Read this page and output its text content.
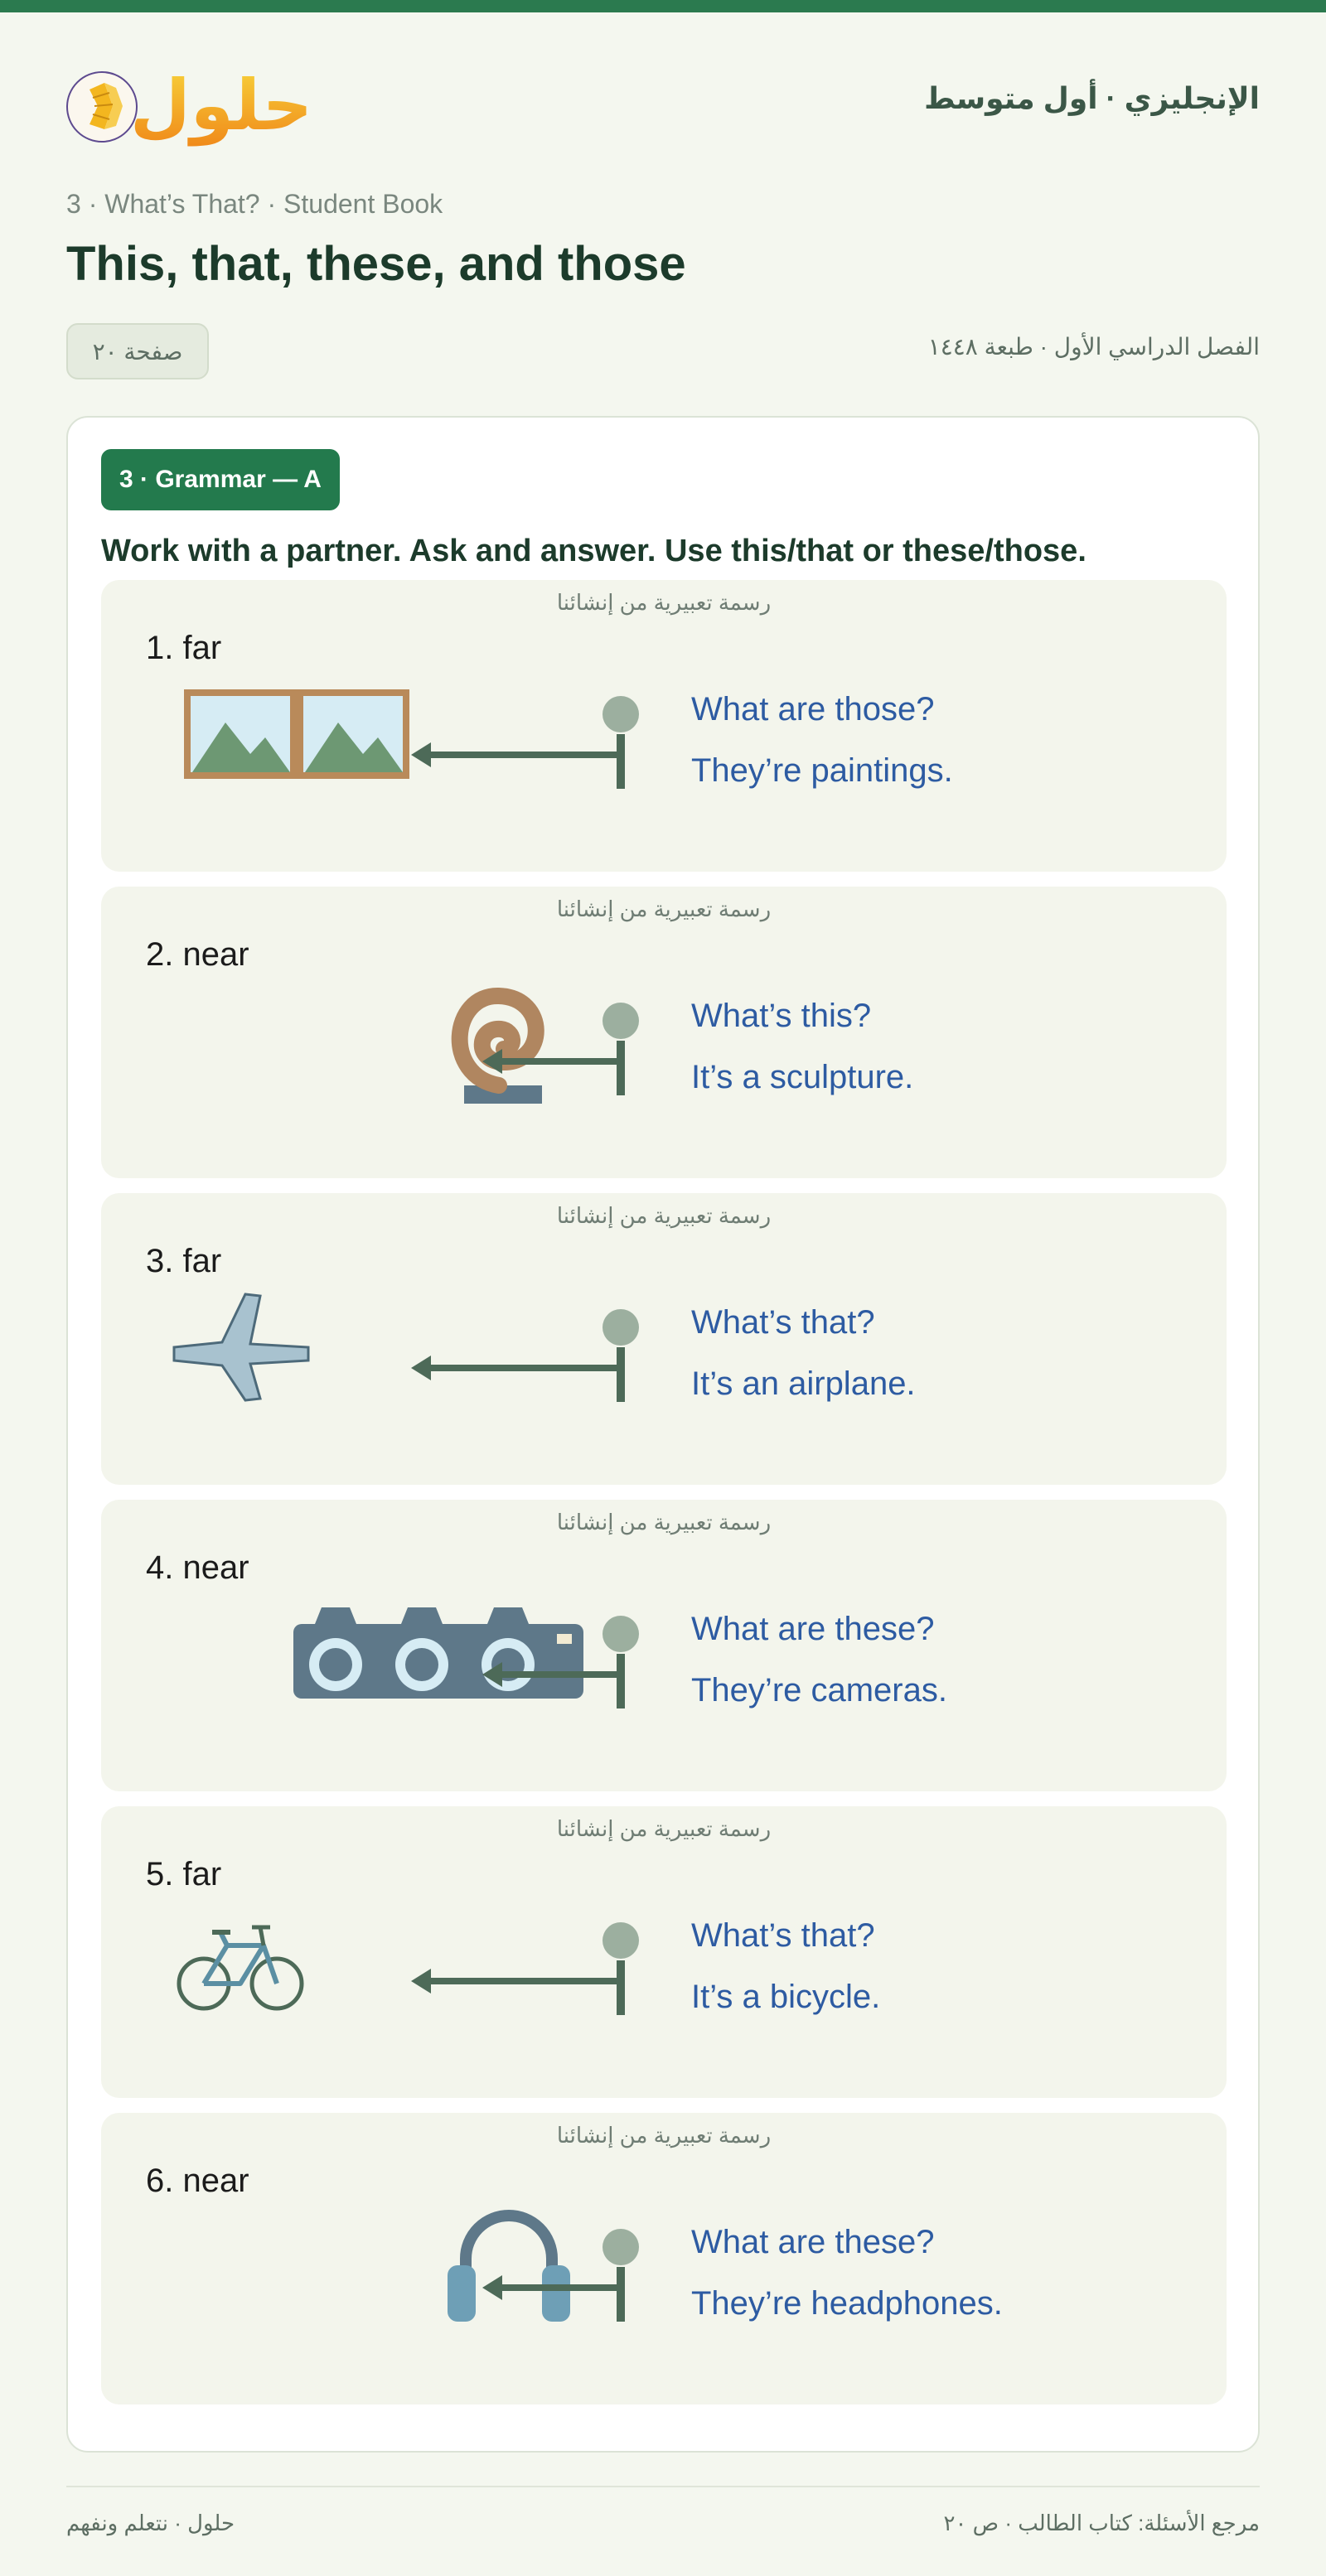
حلول	الإنجليزي · أول متوسط
3 · What’s That? · Student Book
This, that, these, and those
صفحة ٢٠	الفصل الدراسي الأول · طبعة ١٤٤٨
3 · Grammar — A
Work with a partner. Ask and answer. Use this/that or these/those.
رسمة تعبيرية من إنشائنا
1. far
What are those?
They’re paintings.
رسمة تعبيرية من إنشائنا
2. near
What’s this?
It’s a sculpture.
رسمة تعبيرية من إنشائنا
3. far
What’s that?
It’s an airplane.
رسمة تعبيرية من إنشائنا
4. near
What are these?
They’re cameras.
رسمة تعبيرية من إنشائنا
5. far
What’s that?
It’s a bicycle.
رسمة تعبيرية من إنشائنا
6. near
What are these?
They’re headphones.
حلول · نتعلم ونفهم	مرجع الأسئلة: كتاب الطالب · ص ٢٠
